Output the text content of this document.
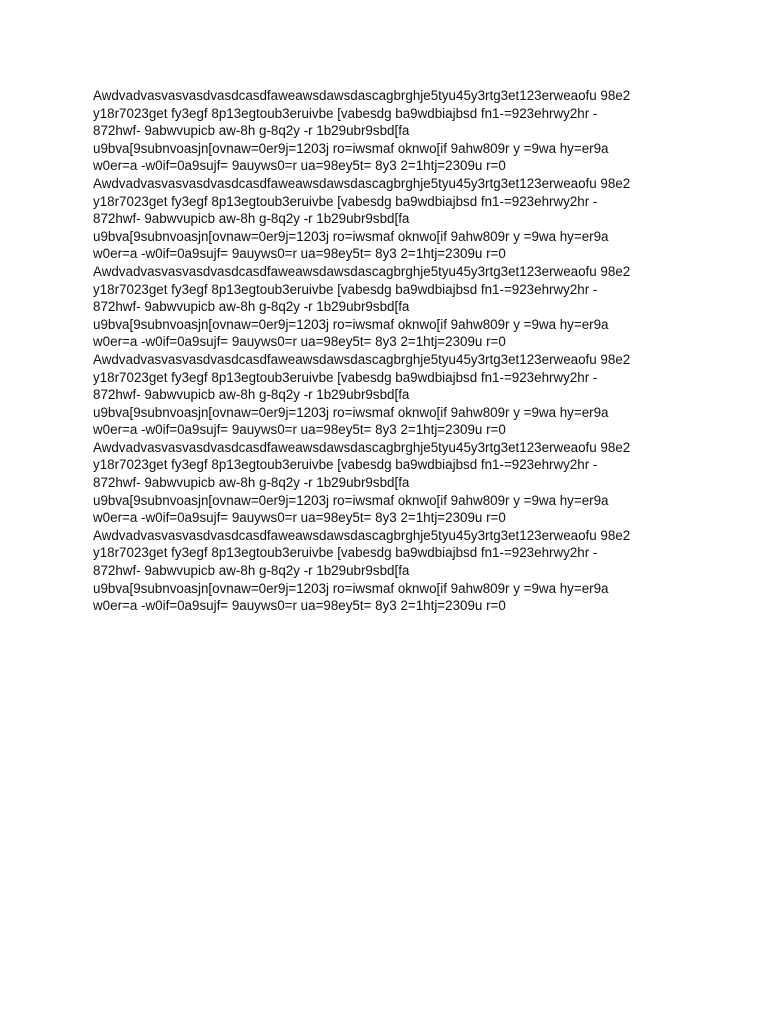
Awdvadvasvasvasdvasdcasdfaweawsdawsdascagbrghje5tyu45y3rtg3et123erweaofu 98e2
y18r7023get fy3egf 8p13egtoub3eruivbe [vabesdg ba9wdbiajbsd fn1-=923ehrwy2hr -
872hwf- 9abwvupicb aw-8h g-8q2y -r 1b29ubr9sbd[fa
u9bva[9subnvoasjn[ovnaw=0er9j=1203j ro=iwsmaf oknwo[if 9ahw809r y =9wa hy=er9a
w0er=a -w0if=0a9sujf= 9auyws0=r ua=98ey5t= 8y3 2=1htj=2309u r=0
Awdvadvasvasvasdvasdcasdfaweawsdawsdascagbrghje5tyu45y3rtg3et123erweaofu 98e2
y18r7023get fy3egf 8p13egtoub3eruivbe [vabesdg ba9wdbiajbsd fn1-=923ehrwy2hr -
872hwf- 9abwvupicb aw-8h g-8q2y -r 1b29ubr9sbd[fa
u9bva[9subnvoasjn[ovnaw=0er9j=1203j ro=iwsmaf oknwo[if 9ahw809r y =9wa hy=er9a
w0er=a -w0if=0a9sujf= 9auyws0=r ua=98ey5t= 8y3 2=1htj=2309u r=0
Awdvadvasvasvasdvasdcasdfaweawsdawsdascagbrghje5tyu45y3rtg3et123erweaofu 98e2
y18r7023get fy3egf 8p13egtoub3eruivbe [vabesdg ba9wdbiajbsd fn1-=923ehrwy2hr -
872hwf- 9abwvupicb aw-8h g-8q2y -r 1b29ubr9sbd[fa
u9bva[9subnvoasjn[ovnaw=0er9j=1203j ro=iwsmaf oknwo[if 9ahw809r y =9wa hy=er9a
w0er=a -w0if=0a9sujf= 9auyws0=r ua=98ey5t= 8y3 2=1htj=2309u r=0
Awdvadvasvasvasdvasdcasdfaweawsdawsdascagbrghje5tyu45y3rtg3et123erweaofu 98e2
y18r7023get fy3egf 8p13egtoub3eruivbe [vabesdg ba9wdbiajbsd fn1-=923ehrwy2hr -
872hwf- 9abwvupicb aw-8h g-8q2y -r 1b29ubr9sbd[fa
u9bva[9subnvoasjn[ovnaw=0er9j=1203j ro=iwsmaf oknwo[if 9ahw809r y =9wa hy=er9a
w0er=a -w0if=0a9sujf= 9auyws0=r ua=98ey5t= 8y3 2=1htj=2309u r=0
Awdvadvasvasvasdvasdcasdfaweawsdawsdascagbrghje5tyu45y3rtg3et123erweaofu 98e2
y18r7023get fy3egf 8p13egtoub3eruivbe [vabesdg ba9wdbiajbsd fn1-=923ehrwy2hr -
872hwf- 9abwvupicb aw-8h g-8q2y -r 1b29ubr9sbd[fa
u9bva[9subnvoasjn[ovnaw=0er9j=1203j ro=iwsmaf oknwo[if 9ahw809r y =9wa hy=er9a
w0er=a -w0if=0a9sujf= 9auyws0=r ua=98ey5t= 8y3 2=1htj=2309u r=0
Awdvadvasvasvasdvasdcasdfaweawsdawsdascagbrghje5tyu45y3rtg3et123erweaofu 98e2
y18r7023get fy3egf 8p13egtoub3eruivbe [vabesdg ba9wdbiajbsd fn1-=923ehrwy2hr -
872hwf- 9abwvupicb aw-8h g-8q2y -r 1b29ubr9sbd[fa
u9bva[9subnvoasjn[ovnaw=0er9j=1203j ro=iwsmaf oknwo[if 9ahw809r y =9wa hy=er9a
w0er=a -w0if=0a9sujf= 9auyws0=r ua=98ey5t= 8y3 2=1htj=2309u r=0
